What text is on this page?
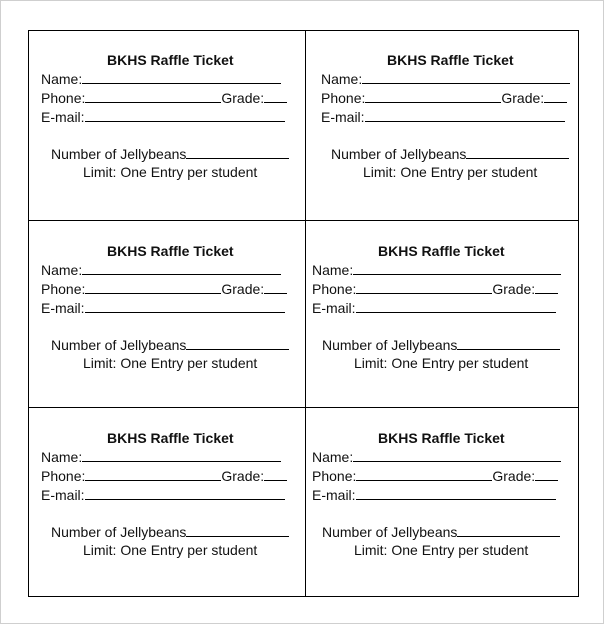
BKHS Raffle Ticket
Name:
Phone:	Grade:
E-mail:
Number of Jellybeans
Limit: One Entry per student
BKHS Raffle Ticket
Name:
Phone:	Grade:
E-mail:
Number of Jellybeans
Limit: One Entry per student
BKHS Raffle Ticket
Name:
Phone:	Grade:
E-mail:
Number of Jellybeans
Limit: One Entry per student
BKHS Raffle Ticket
Name:
Phone:	Grade:
E-mail:
Number of Jellybeans
Limit: One Entry per student
BKHS Raffle Ticket
Name:
Phone:	Grade:
E-mail:
Number of Jellybeans
Limit: One Entry per student
BKHS Raffle Ticket
Name:
Phone:	Grade:
E-mail:
Number of Jellybeans
Limit: One Entry per student
